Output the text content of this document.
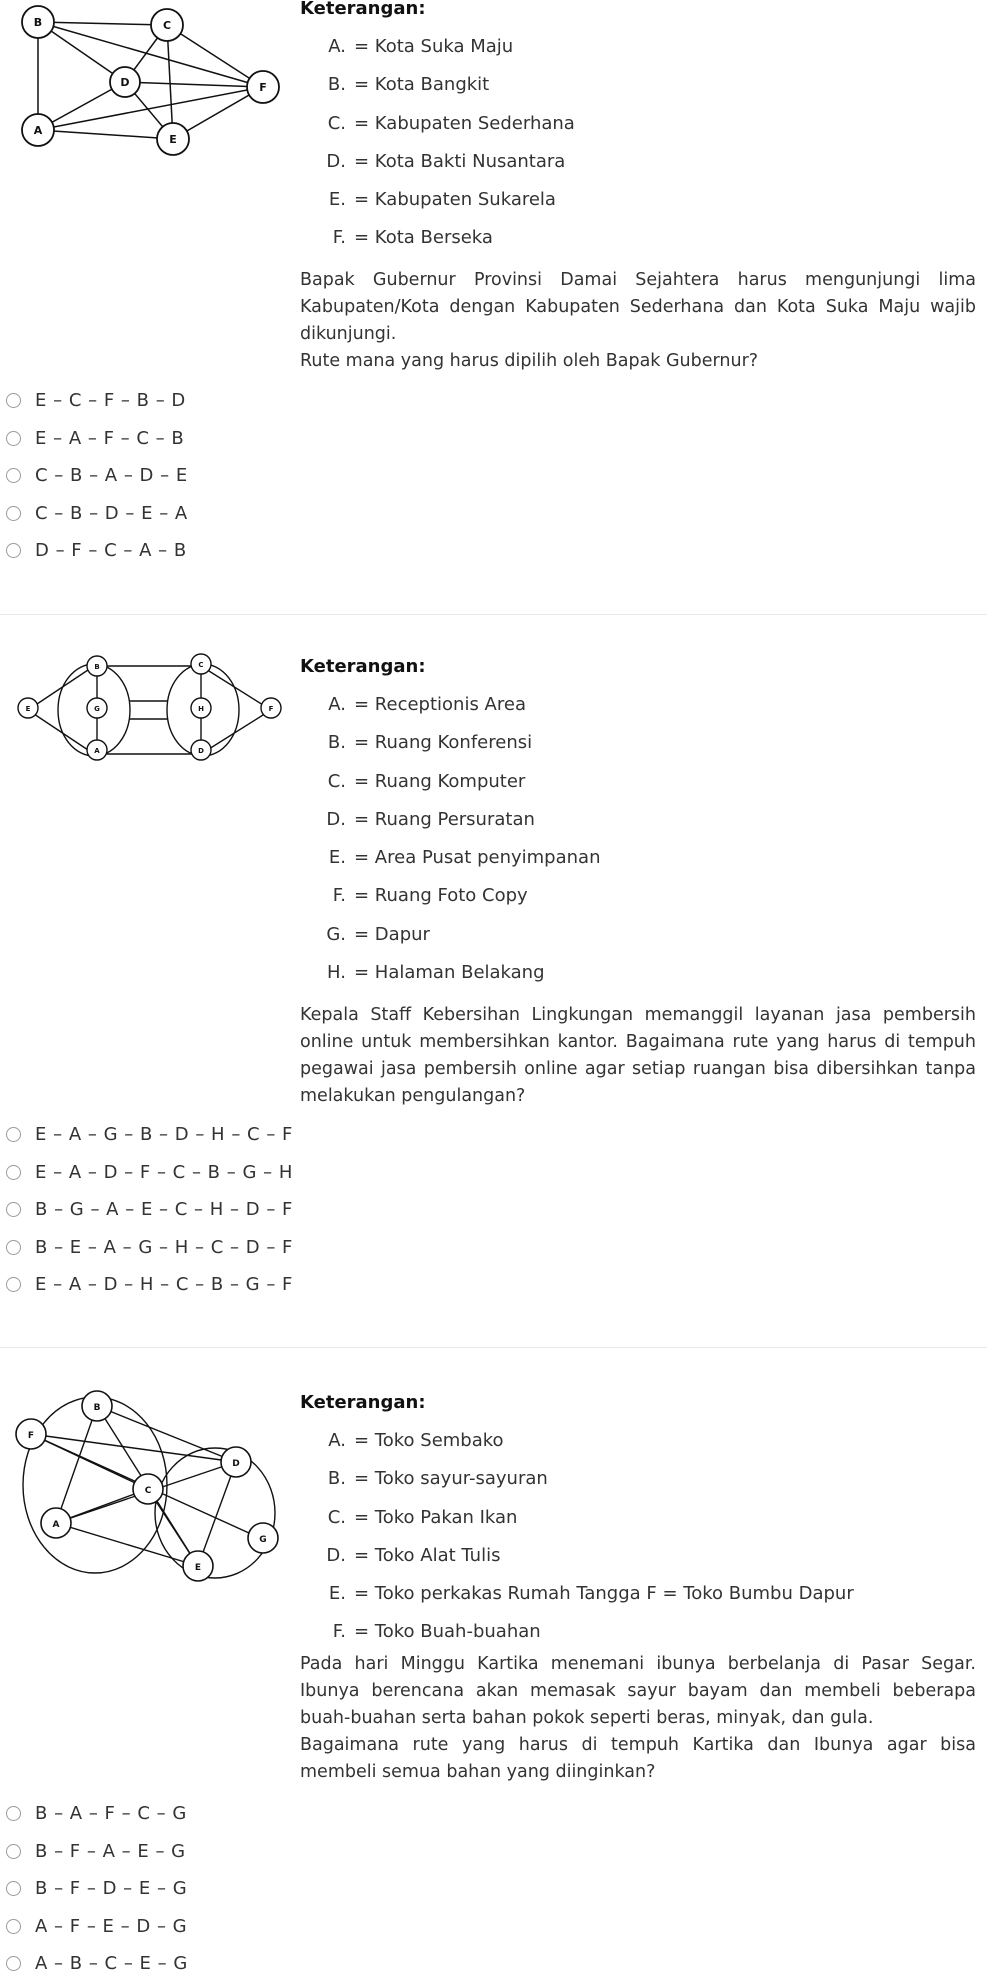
B	C
D	F
A
E
Keterangan:
A . = Kota Suka Maju
B . = Kota Bangkit
C . = Kabupaten Sederhana
D . = Kota Bakti Nusantara
E . = Kabupaten Sukarela
F . = Kota Berseka

Bapak Gubernur Provinsi Damai Sejahtera harus mengunjungi lima Kabupaten/Kota dengan Kabupaten Sederhana dan Kota Suka Maju wajib dikunjungi.

Rute mana yang harus dipilih oleh Bapak Gubernur?

E – C – F – B – D
E – A – F – C – B
C – B – A – D – E
C – B – D – E – A
D – F – C – A – B
B	C
E	G	H	F
A	D
Keterangan:
A . = Receptionis Area
B . = Ruang Konferensi
C . = Ruang Komputer
D . = Ruang Persuratan
E . = Area Pusat penyimpanan
F . = Ruang Foto Copy
G . = Dapur
H . = Halaman Belakang

Kepala Staff Kebersihan Lingkungan memanggil layanan jasa pembersih online untuk membersihkan kantor. Bagaimana rute yang harus di tempuh pegawai jasa pembersih online agar setiap ruangan bisa dibersihkan tanpa melakukan pengulangan?

E – A – G – B – D – H – C – F
E – A – D – F – C – B – G – H
B – G – A – E – C – H – D – F
B – E – A – G – H – C – D – F
E – A – D – H – C – B – G – F
B
F
D
C
A
G
E
Keterangan:
A . = Toko Sembako
B . = Toko sayur-sayuran
C . = Toko Pakan Ikan
D . = Toko Alat Tulis
E . = Toko perkakas Rumah Tangga F = Toko Bumbu Dapur
F . = Toko Buah-buahan

Pada hari Minggu Kartika menemani ibunya berbelanja di Pasar Segar. Ibunya berencana akan memasak sayur bayam dan membeli beberapa buah-buahan serta bahan pokok seperti beras, minyak, dan gula.

Bagaimana rute yang harus di tempuh Kartika dan Ibunya agar bisa membeli semua bahan yang diinginkan?

B – A – F – C – G
B – F – A – E – G
B – F – D – E – G
A – F – E – D – G
A – B – C – E – G
